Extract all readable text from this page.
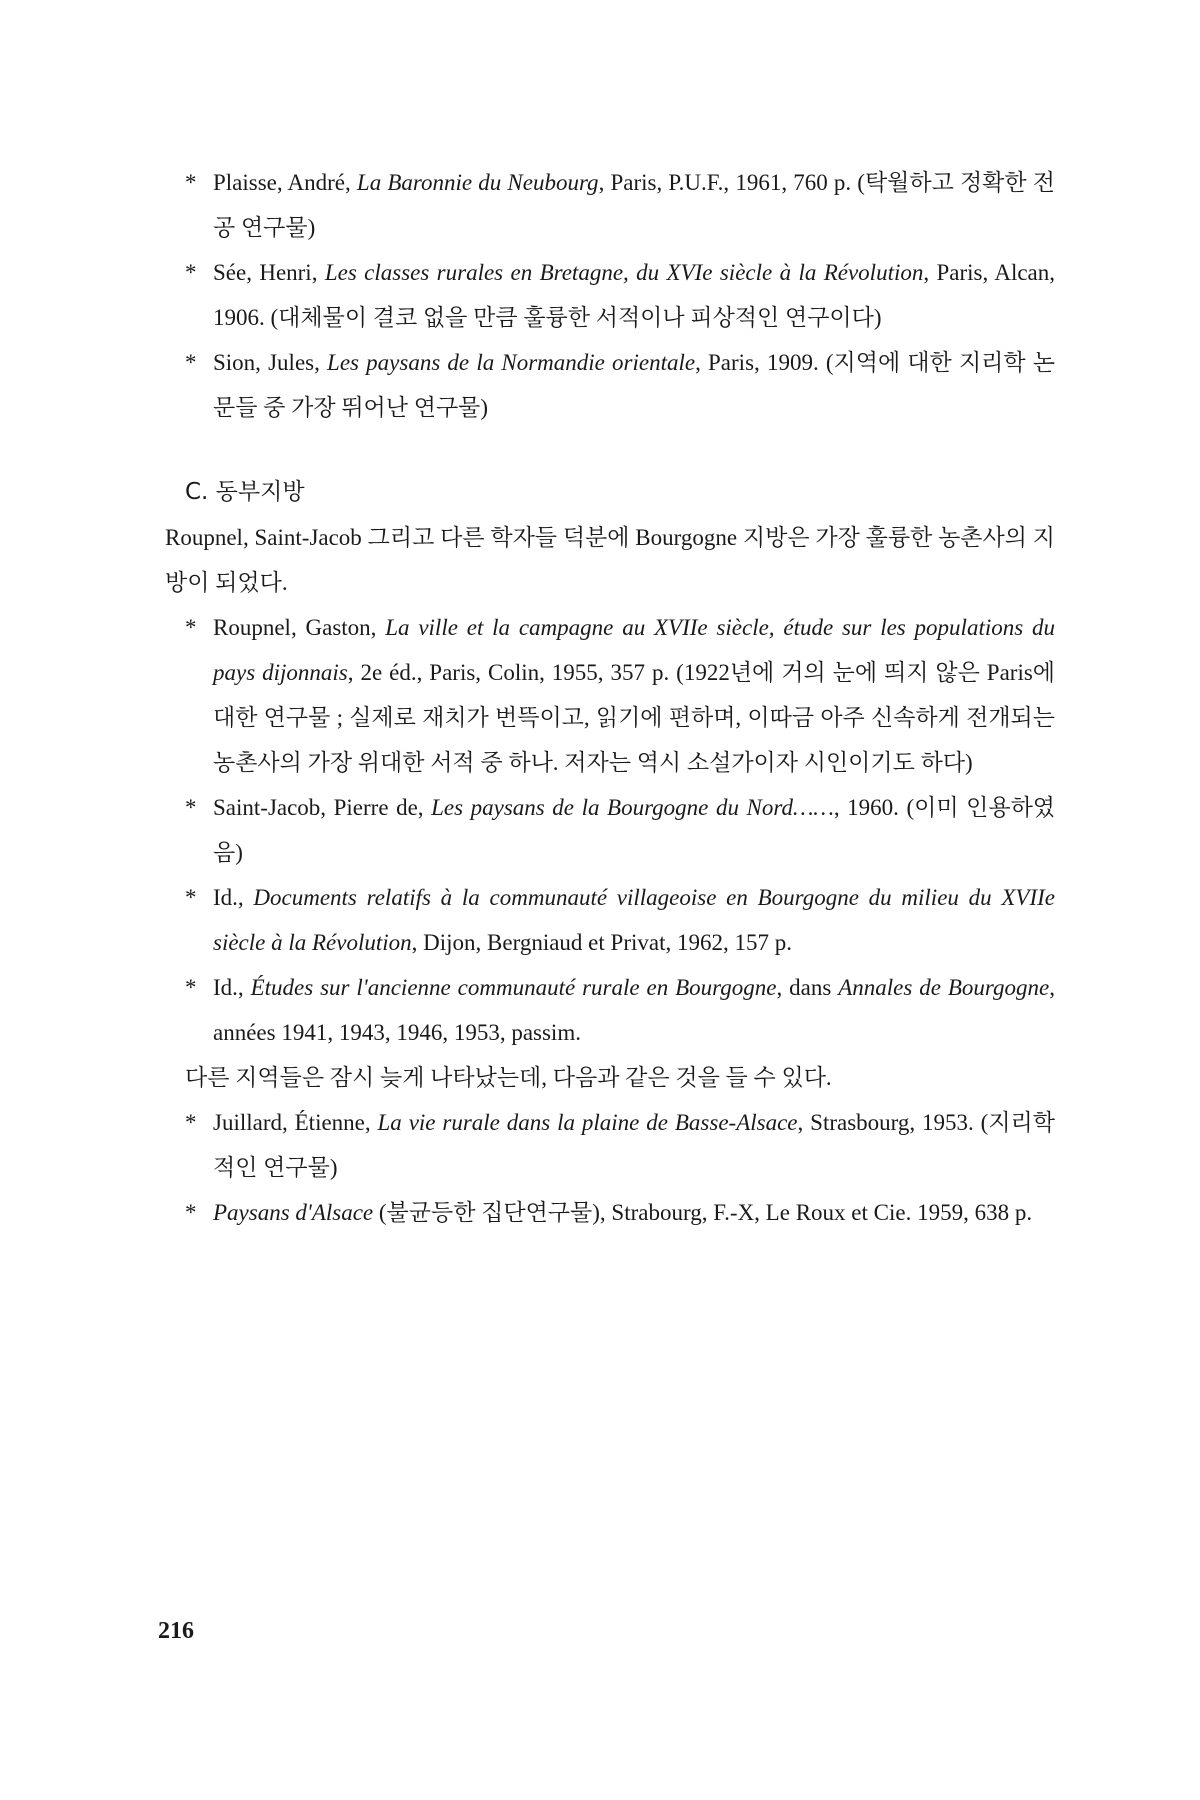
* Plaisse, André, La Baronnie du Neubourg, Paris, P.U.F., 1961, 760 p. (탁월하고 정확한 전공 연구물)

* Sée, Henri, Les classes rurales en Bretagne, du XVIe siècle à la Révolution, Paris, Alcan, 1906. (대체물이 결코 없을 만큼 훌륭한 서적이나 피상적인 연구이다)

* Sion, Jules, Les paysans de la Normandie orientale, Paris, 1909. (지역에 대한 지리학 논문들 중 가장 뛰어난 연구물)

C. 동부지방

Roupnel, Saint-Jacob 그리고 다른 학자들 덕분에 Bourgogne 지방은 가장 훌륭한 농촌사의 지방이 되었다.

* Roupnel, Gaston, La ville et la campagne au XVIIe siècle, étude sur les populations du pays dijonnais, 2e éd., Paris, Colin, 1955, 357 p. (1922년에 거의 눈에 띄지 않은 Paris에 대한 연구물 ; 실제로 재치가 번뜩이고, 읽기에 편하며, 이따금 아주 신속하게 전개되는 농촌사의 가장 위대한 서적 중 하나. 저자는 역시 소설가이자 시인이기도 하다)

* Saint-Jacob, Pierre de, Les paysans de la Bourgogne du Nord……, 1960. (이미 인용하였음)

* Id., Documents relatifs à la communauté villageoise en Bourgogne du milieu du XVIIe siècle à la Révolution, Dijon, Bergniaud et Privat, 1962, 157 p.

* Id., Études sur l'ancienne communauté rurale en Bourgogne, dans Annales de Bourgogne, années 1941, 1943, 1946, 1953, passim.

다른 지역들은 잠시 늦게 나타났는데, 다음과 같은 것을 들 수 있다.

* Juillard, Étienne, La vie rurale dans la plaine de Basse-Alsace, Strasbourg, 1953. (지리학적인 연구물)

* Paysans d'Alsace (불균등한 집단연구물), Strabourg, F.-X, Le Roux et Cie. 1959, 638 p.

216
